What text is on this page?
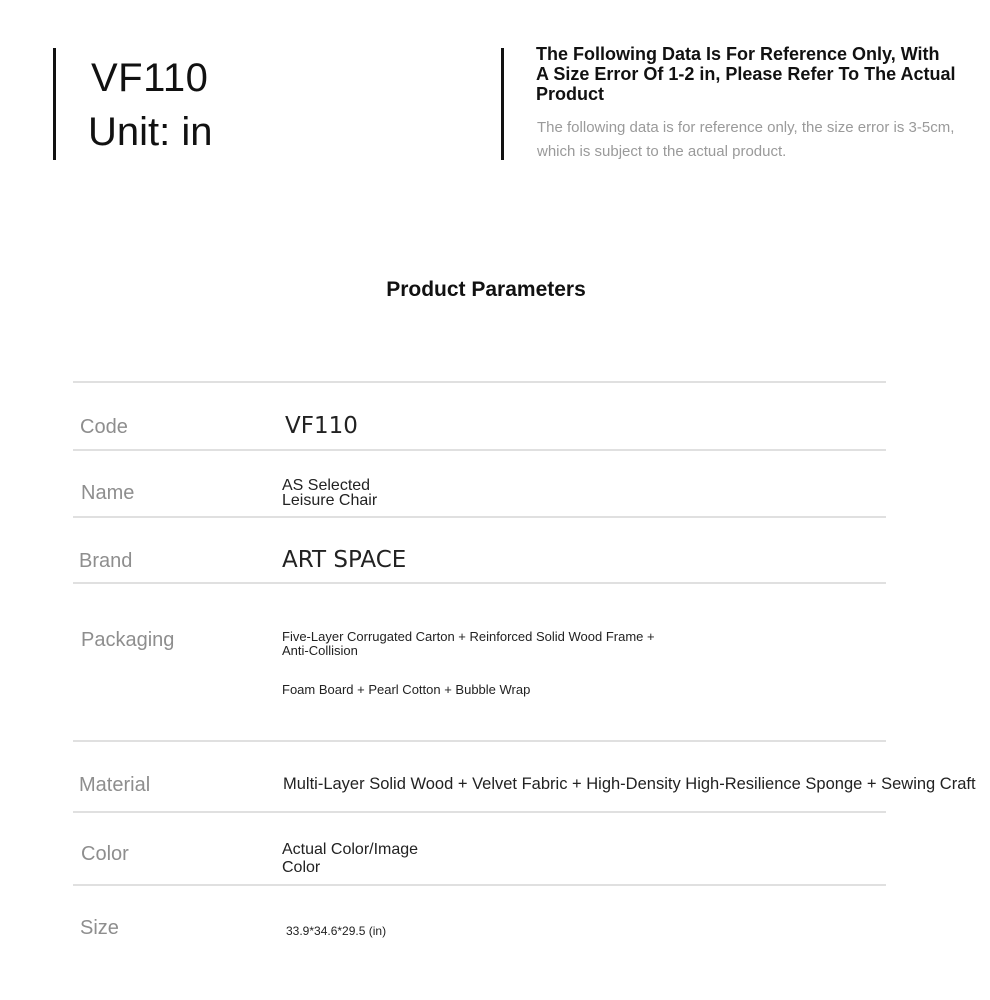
VF110
Unit: in
The Following Data Is For Reference Only, With A Size Error Of 1-2 in, Please Refer To The Actual Product
The following data is for reference only, the size error is 3-5cm, which is subject to the actual product.
Product Parameters
Code	VF110
Name	AS Selected
Leisure Chair
Brand	ART SPACE
Packaging	Five-Layer Corrugated Carton + Reinforced Solid Wood Frame +
Anti-Collision
Foam Board + Pearl Cotton + Bubble Wrap
Material	Multi-Layer Solid Wood + Velvet Fabric + High-Density High-Resilience Sponge + Sewing Craft
Color	Actual Color/Image
Color
Size	33.9*34.6*29.5 (in)
